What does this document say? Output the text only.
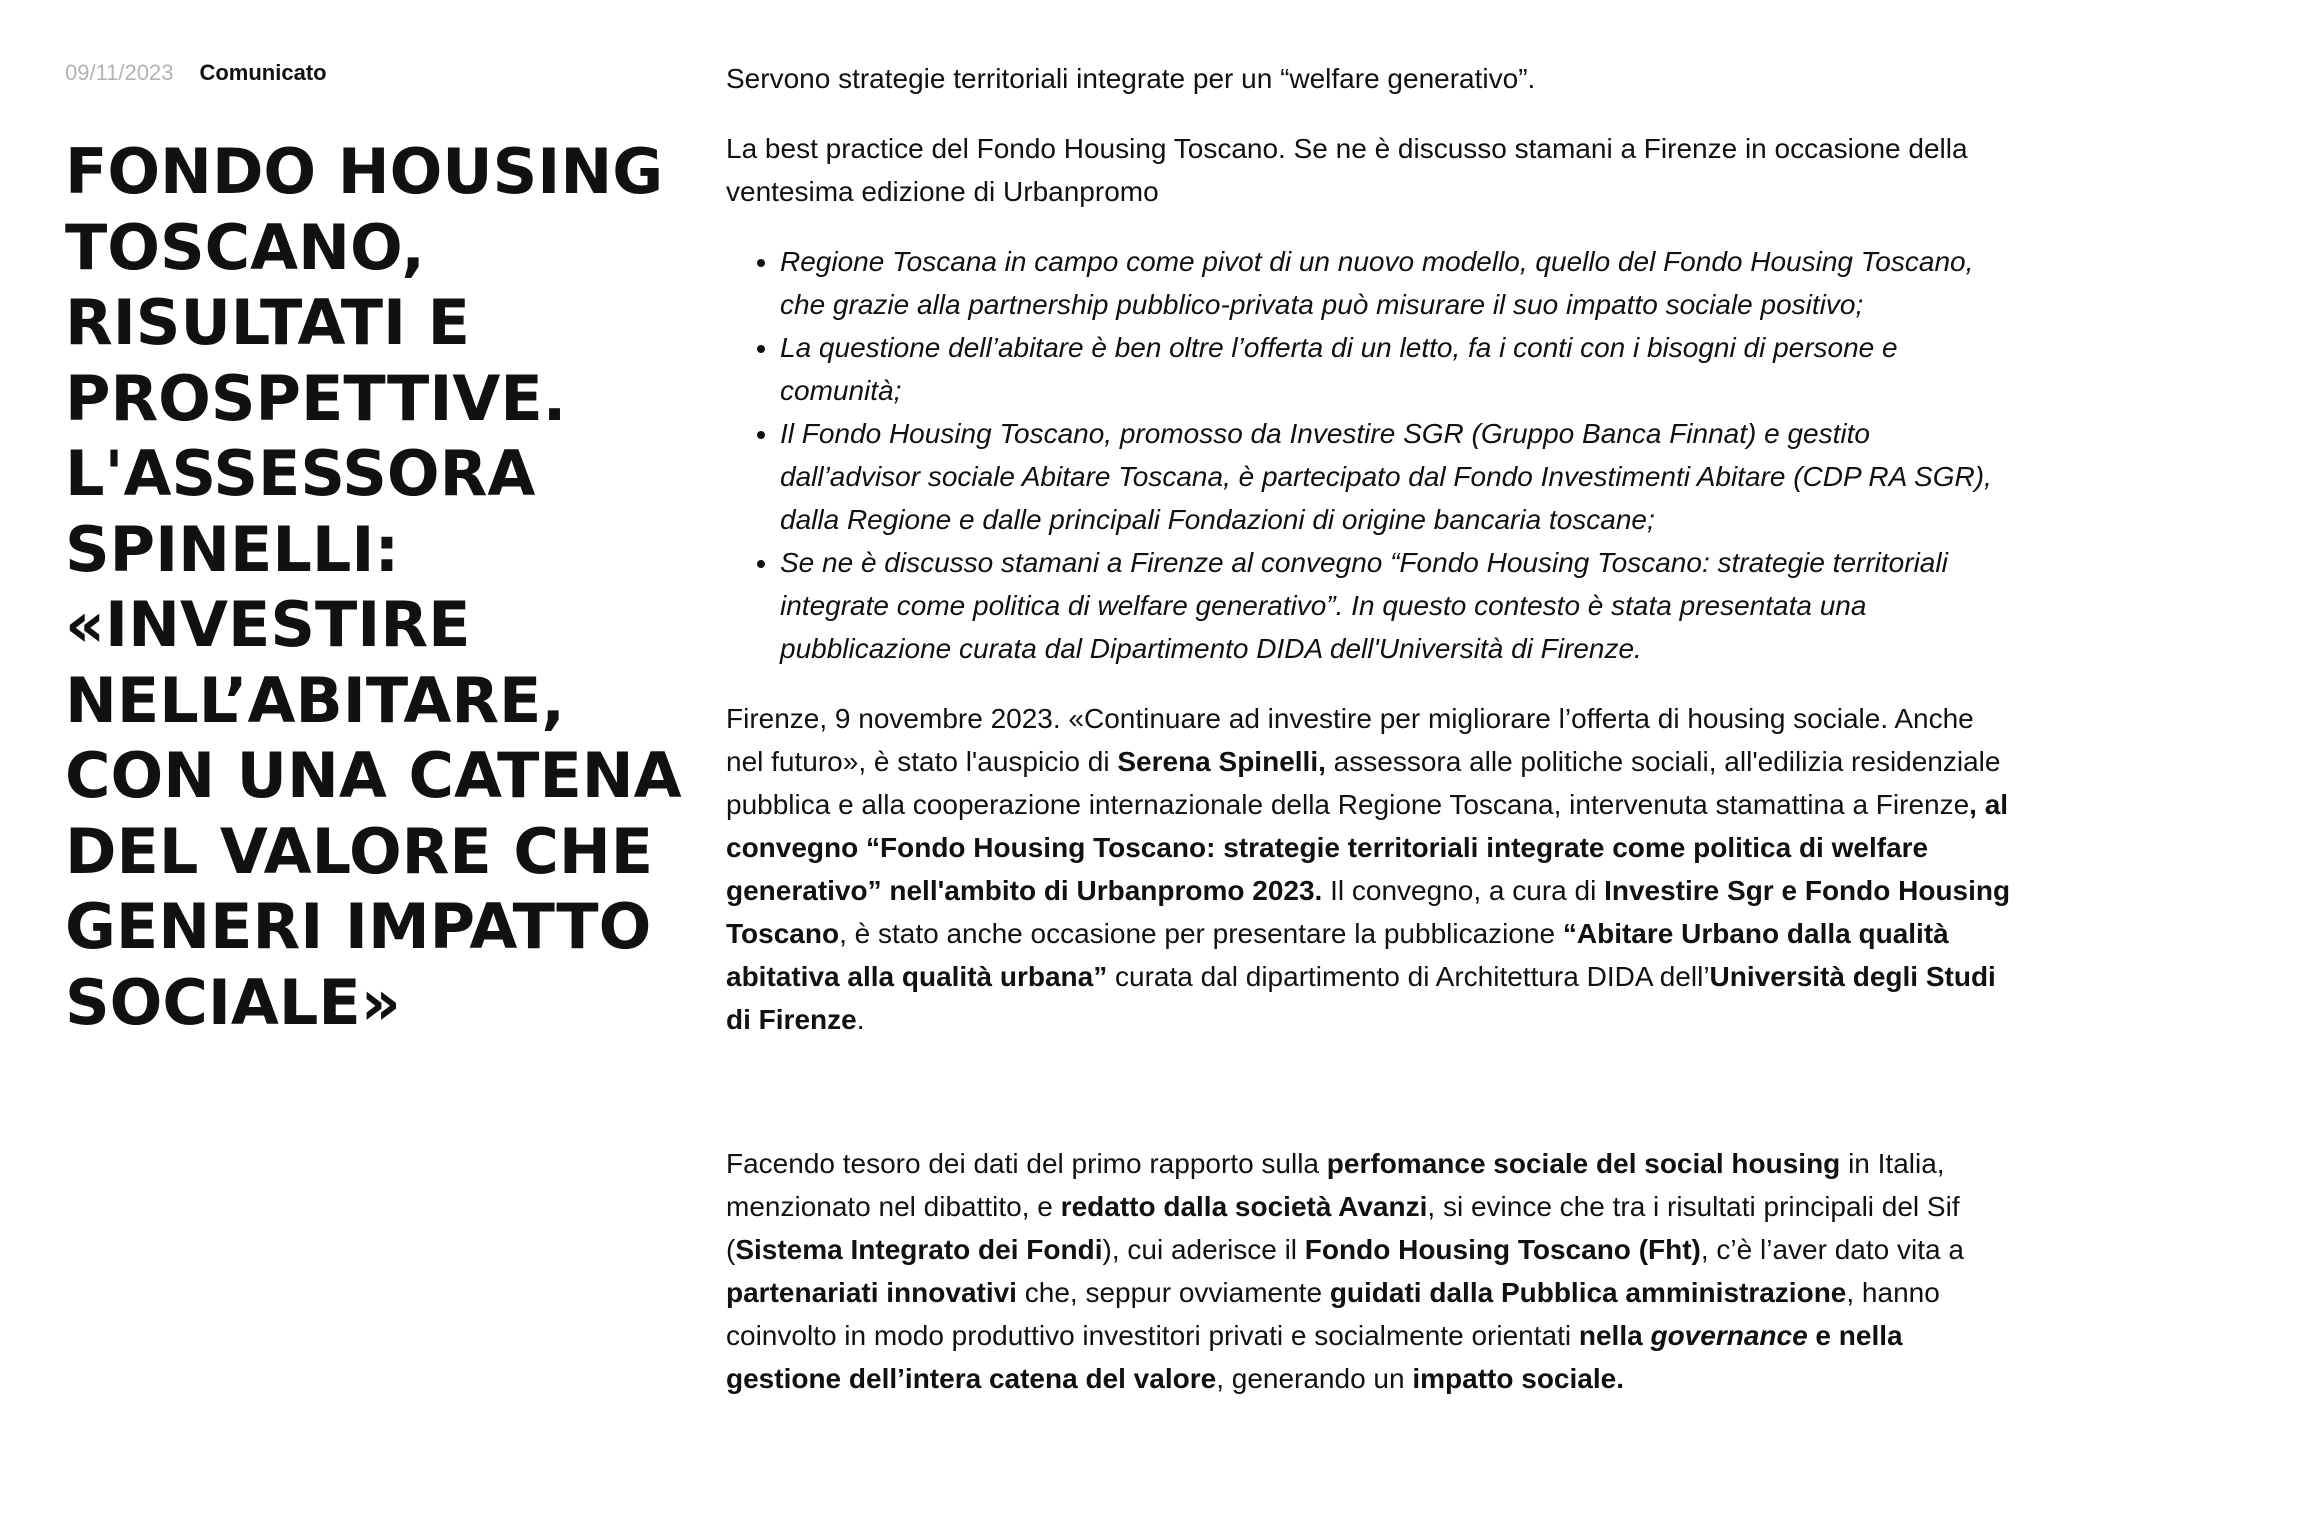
09/11/2023 Comunicato
FONDO HOUSING TOSCANO, RISULTATI E PROSPETTIVE. L'ASSESSORA SPINELLI: «INVESTIRE NELL’ABITARE, CON UNA CATENA DEL VALORE CHE GENERI IMPATTO SOCIALE»

Servono strategie territoriali integrate per un “welfare generativo”.

La best practice del Fondo Housing Toscano. Se ne è discusso stamani a Firenze in occasione della ventesima edizione di Urbanpromo

• Regione Toscana in campo come pivot di un nuovo modello, quello del Fondo Housing Toscano, che grazie alla partnership pubblico-privata può misurare il suo impatto sociale positivo;
• La questione dell’abitare è ben oltre l’offerta di un letto, fa i conti con i bisogni di persone e comunità;
• Il Fondo Housing Toscano, promosso da Investire SGR (Gruppo Banca Finnat) e gestito dall’advisor sociale Abitare Toscana, è partecipato dal Fondo Investimenti Abitare (CDP RA SGR), dalla Regione e dalle principali Fondazioni di origine bancaria toscane;
• Se ne è discusso stamani a Firenze al convegno “Fondo Housing Toscano: strategie territoriali integrate come politica di welfare generativo”. In questo contesto è stata presentata una pubblicazione curata dal Dipartimento DIDA dell'Università di Firenze.

Firenze, 9 novembre 2023. «Continuare ad investire per migliorare l’offerta di housing sociale. Anche nel futuro», è stato l'auspicio di Serena Spinelli, assessora alle politiche sociali, all'edilizia residenziale pubblica e alla cooperazione internazionale della Regione Toscana, intervenuta stamattina a Firenze, al convegno “Fondo Housing Toscano: strategie territoriali integrate come politica di welfare generativo” nell'ambito di Urbanpromo 2023. Il convegno, a cura di Investire Sgr e Fondo Housing Toscano, è stato anche occasione per presentare la pubblicazione “Abitare Urbano dalla qualità abitativa alla qualità urbana” curata dal dipartimento di Architettura DIDA dell’Università degli Studi di Firenze.

Facendo tesoro dei dati del primo rapporto sulla perfomance sociale del social housing in Italia, menzionato nel dibattito, e redatto dalla società Avanzi, si evince che tra i risultati principali del Sif (Sistema Integrato dei Fondi), cui aderisce il Fondo Housing Toscano (Fht), c’è l’aver dato vita a partenariati innovativi che, seppur ovviamente guidati dalla Pubblica amministrazione, hanno coinvolto in modo produttivo investitori privati e socialmente orientati nella governance e nella gestione dell’intera catena del valore, generando un impatto sociale.
